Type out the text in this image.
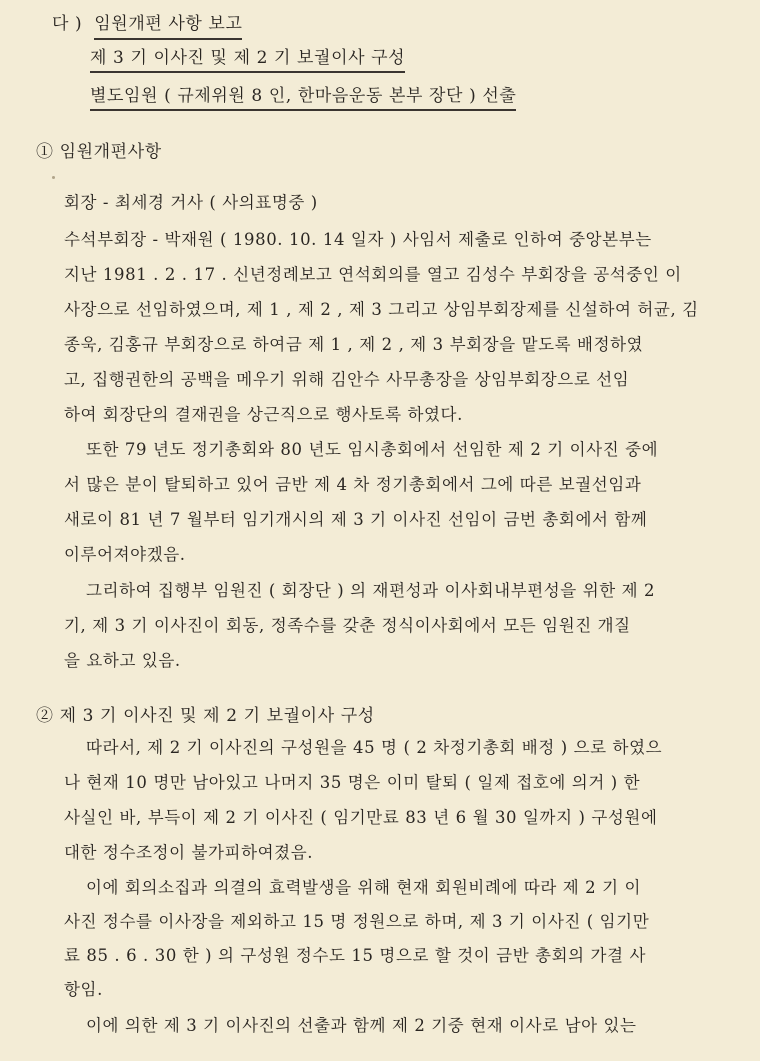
다 ) 임원개편 사항 보고
제 3 기 이사진 및 제 2 기 보궐이사 구성
별도임원 ( 규제위원 8 인, 한마음운동 본부 장단 ) 선출
① 임원개편사항
회장 - 최세경 거사 ( 사의표명중 )
수석부회장 - 박재원 ( 1980. 10. 14 일자 ) 사임서 제출로 인하여 중앙본부는
지난 1981 . 2 . 17 . 신년정례보고 연석회의를 열고 김성수 부회장을 공석중인 이
사장으로 선임하였으며, 제 1 , 제 2 , 제 3 그리고 상임부회장제를 신설하여 허균, 김
종욱, 김홍규 부회장으로 하여금 제 1 , 제 2 , 제 3 부회장을 맡도록 배정하였
고, 집행권한의 공백을 메우기 위해 김안수 사무총장을 상임부회장으로 선임
하여 회장단의 결재권을 상근직으로 행사토록 하였다.
또한 79 년도 정기총회와 80 년도 임시총회에서 선임한 제 2 기 이사진 중에
서 많은 분이 탈퇴하고 있어 금반 제 4 차 정기총회에서 그에 따른 보궐선임과
새로이 81 년 7 월부터 임기개시의 제 3 기 이사진 선임이 금번 총회에서 함께
이루어져야겠음.
그리하여 집행부 임원진 ( 회장단 ) 의 재편성과 이사회내부편성을 위한 제 2
기, 제 3 기 이사진이 회동, 정족수를 갖춘 정식이사회에서 모든 임원진 개질
을 요하고 있음.
② 제 3 기 이사진 및 제 2 기 보궐이사 구성
따라서, 제 2 기 이사진의 구성원을 45 명 ( 2 차정기총회 배정 ) 으로 하였으
나 현재 10 명만 남아있고 나머지 35 명은 이미 탈퇴 ( 일제 접호에 의거 ) 한
사실인 바, 부득이 제 2 기 이사진 ( 임기만료 83 년 6 월 30 일까지 ) 구성원에
대한 정수조정이 불가피하여졌음.
이에 회의소집과 의결의 효력발생을 위해 현재 회원비례에 따라 제 2 기 이
사진 정수를 이사장을 제외하고 15 명 정원으로 하며, 제 3 기 이사진 ( 임기만
료 85 . 6 . 30 한 ) 의 구성원 정수도 15 명으로 할 것이 금반 총회의 가결 사
항임.
이에 의한 제 3 기 이사진의 선출과 함께 제 2 기중 현재 이사로 남아 있는
